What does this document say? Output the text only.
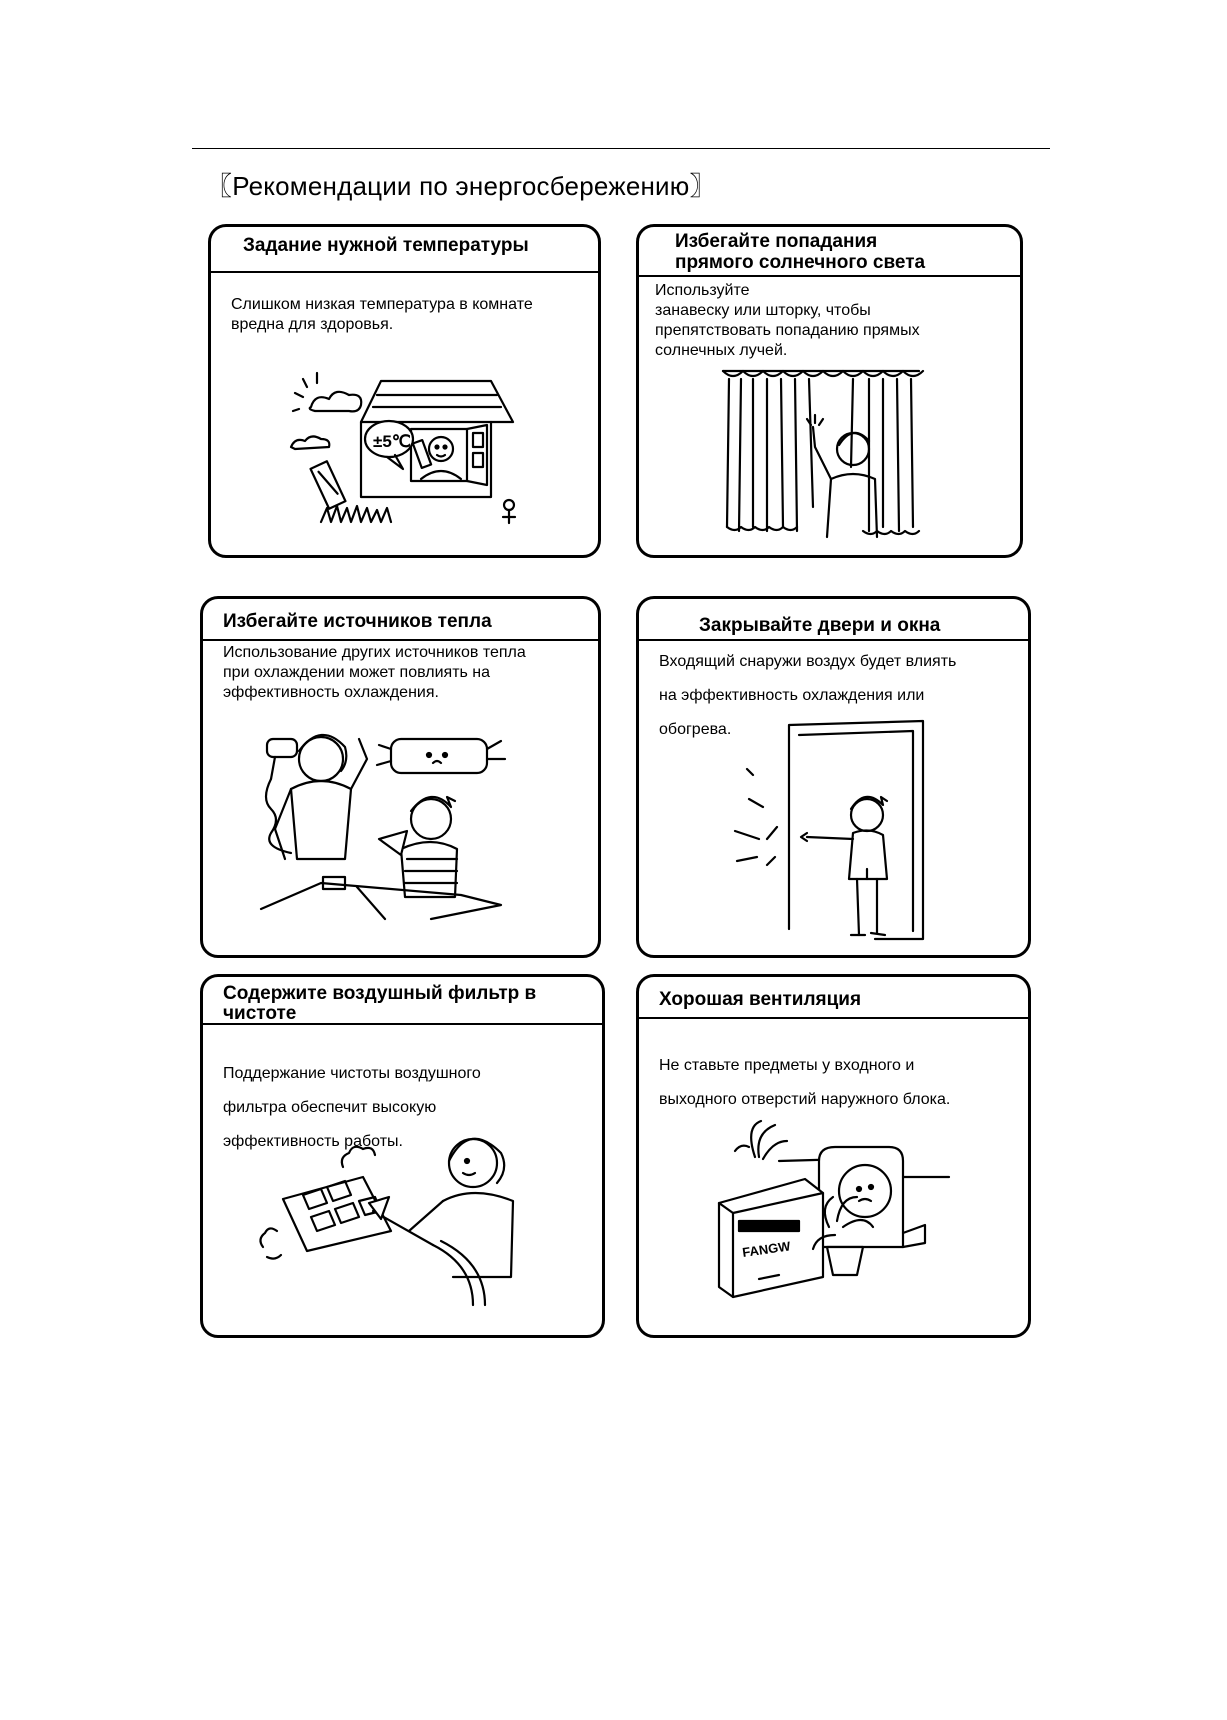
〖Рекомендации по энергосбережению〗
Задание нужной температуры

Слишком низкая температура в комнате вредна для здоровья.

±5℃
Избегайте попадания
прямого солнечного света

Используйте
занавеску или шторку, чтобы
препятствовать попаданию прямых
солнечных лучей.

Избегайте источников тепла

Использование других источников тепла
при охлаждении может повлиять на
эффективность охлаждения.

Закрывайте двери и окна

Входящий снаружи воздух будет влиять
на эффективность охлаждения или
обогрева.

Содержите воздушный фильтр в
чистоте

Поддержание чистоты воздушного
фильтра обеспечит высокую
эффективность работы.

Хорошая вентиляция

Не ставьте предметы у входного и
выходного отверстий наружного блока.

FANGW
